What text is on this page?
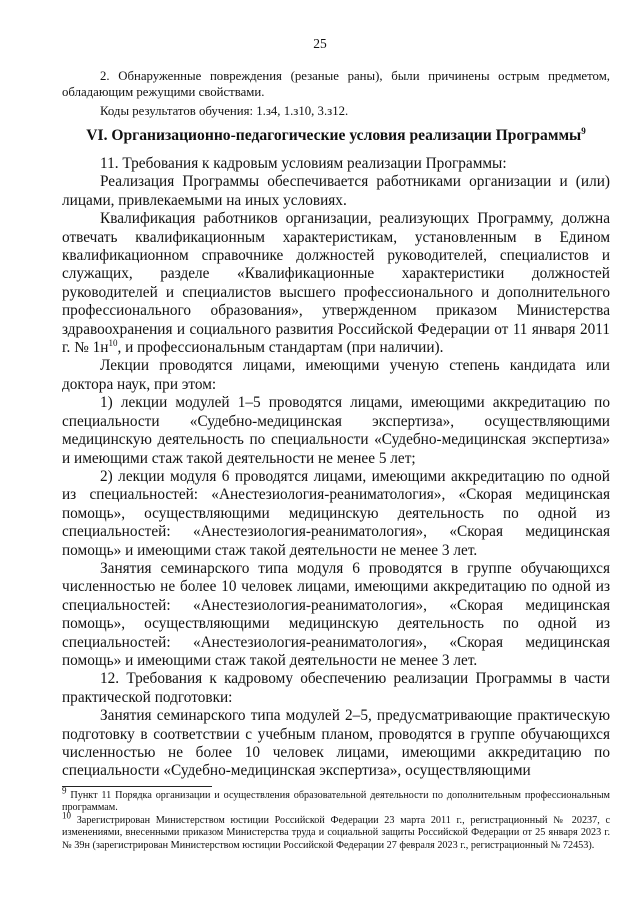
25
2. Обнаруженные повреждения (резаные раны), были причинены острым предметом, обладающим режущими свойствами.
Коды результатов обучения: 1.з4, 1.з10, 3.з12.
VI. Организационно-педагогические условия реализации Программы$^9$

11. Требования к кадровым условиям реализации Программы:

Реализация Программы обеспечивается работниками организации и (или) лицами, привлекаемыми на иных условиях.

Квалификация работников организации, реализующих Программу, должна отвечать квалификационным характеристикам, установленным в Едином квалификационном справочнике должностей руководителей, специалистов и служащих, разделе «Квалификационные характеристики должностей руководителей и специалистов высшего профессионального и дополнительного профессионального образования», утвержденном приказом Министерства здравоохранения и социального развития Российской Федерации от 11 января 2011 г. № $1н^{10}$, и профессиональным стандартам (при наличии).

Лекции проводятся лицами, имеющими ученую степень кандидата или доктора наук, при этом:

1) лекции модулей 1–5 проводятся лицами, имеющими аккредитацию по специальности «Судебно-медицинская экспертиза», осуществляющими медицинскую деятельность по специальности «Судебно-медицинская экспертиза» и имеющими стаж такой деятельности не менее 5 лет;

2) лекции модуля 6 проводятся лицами, имеющими аккредитацию по одной из специальностей: «Анестезиология-реаниматология», «Скорая медицинская помощь», осуществляющими медицинскую деятельность по одной из специальностей: «Анестезиология-реаниматология», «Скорая медицинская помощь» и имеющими стаж такой деятельности не менее 3 лет.

Занятия семинарского типа модуля 6 проводятся в группе обучающихся численностью не более 10 человек лицами, имеющими аккредитацию по одной из специальностей: «Анестезиология-реаниматология», «Скорая медицинская помощь», осуществляющими медицинскую деятельность по одной из специальностей: «Анестезиология-реаниматология», «Скорая медицинская помощь» и имеющими стаж такой деятельности не менее 3 лет.

12. Требования к кадровому обеспечению реализации Программы в части практической подготовки:

Занятия семинарского типа модулей 2–5, предусматривающие практическую подготовку в соответствии с учебным планом, проводятся в группе обучающихся численностью не более 10 человек лицами, имеющими аккредитацию по специальности «Судебно-медицинская экспертиза», осуществляющими

$^9$ Пункт 11 Порядка организации и осуществления образовательной деятельности по дополнительным профессиональным программам.

$^{10}$ Зарегистрирован Министерством юстиции Российской Федерации 23 марта 2011 г., регистрационный № 20237, с изменениями, внесенными приказом Министерства труда и социальной защиты Российской Федерации от 25 января 2023 г. № 39н (зарегистрирован Министерством юстиции Российской Федерации 27 февраля 2023 г., регистрационный № 72453).
